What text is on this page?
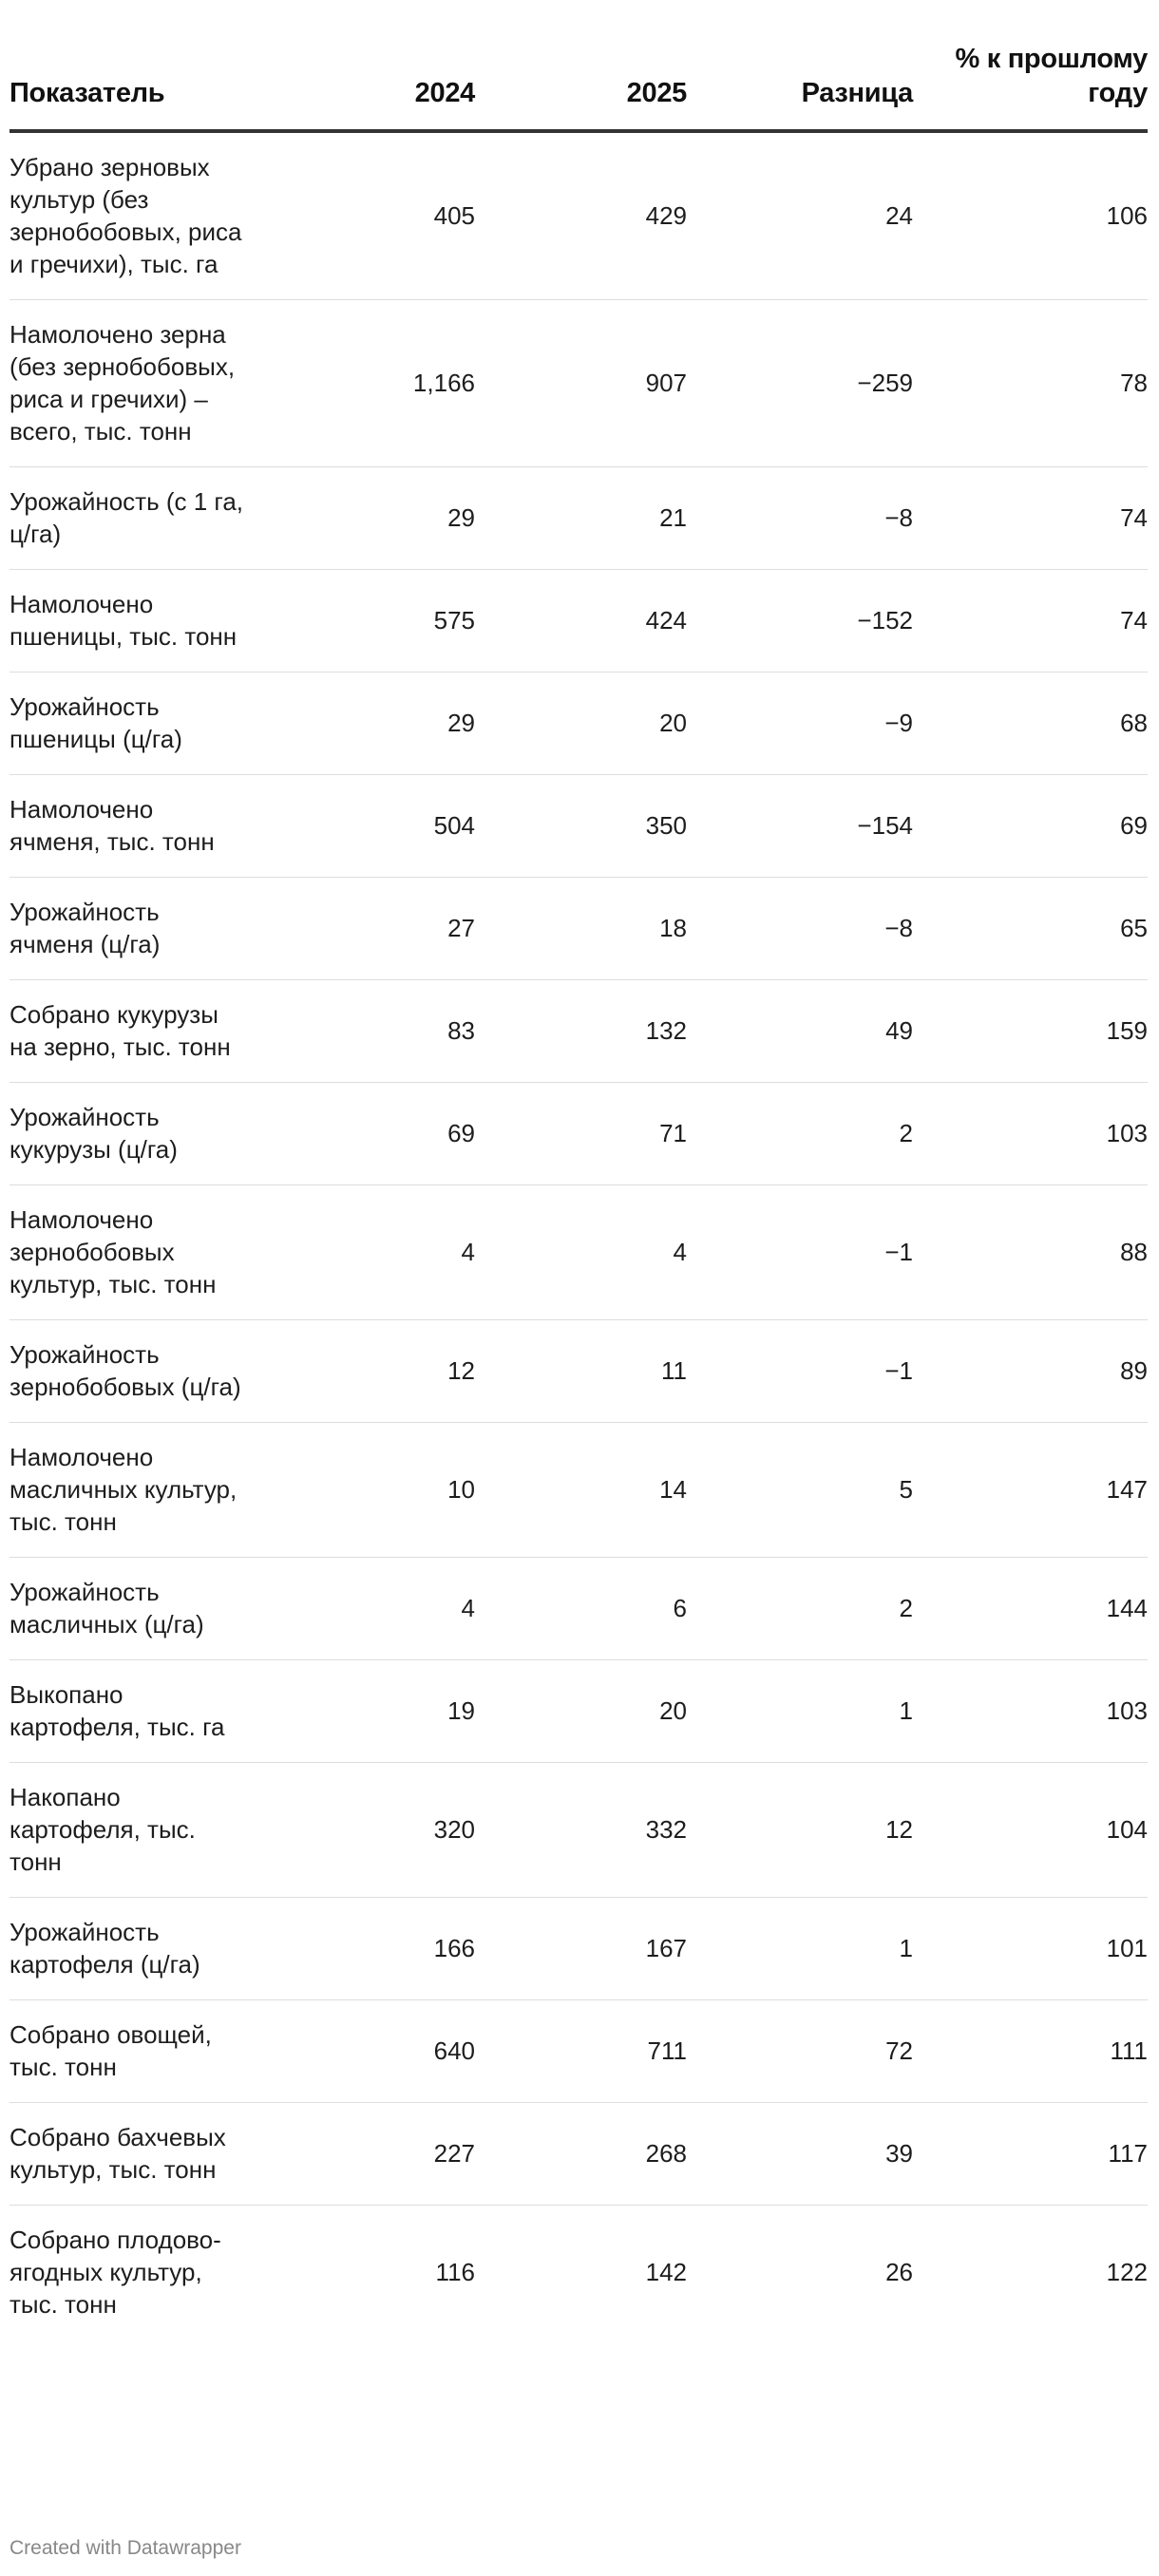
Показатель	2024	2025	Разница	% к прошлому году
Убрано зерновых культур (без зернобобовых, риса и гречихи), тыс. га	405	429	24	106
Намолочено зерна (без зернобобовых, риса и гречихи) – всего, тыс. тонн	1,166	907	−259	78
Урожайность (с 1 га, ц/га)	29	21	−8	74
Намолочено пшеницы, тыс. тонн	575	424	−152	74
Урожайность пшеницы (ц/га)	29	20	−9	68
Намолочено ячменя, тыс. тонн	504	350	−154	69
Урожайность ячменя (ц/га)	27	18	−8	65
Собрано кукурузы на зерно, тыс. тонн	83	132	49	159
Урожайность кукурузы (ц/га)	69	71	2	103
Намолочено зернобобовых культур, тыс. тонн	4	4	−1	88
Урожайность зернобобовых (ц/га)	12	11	−1	89
Намолочено масличных культур, тыс. тонн	10	14	5	147
Урожайность масличных (ц/га)	4	6	2	144
Выкопано картофеля, тыс. га	19	20	1	103
Накопано картофеля, тыс. тонн	320	332	12	104
Урожайность картофеля (ц/га)	166	167	1	101
Собрано овощей, тыс. тонн	640	711	72	111
Собрано бахчевых культур, тыс. тонн	227	268	39	117
Собрано плодово-ягодных культур, тыс. тонн	116	142	26	122
Created with Datawrapper
